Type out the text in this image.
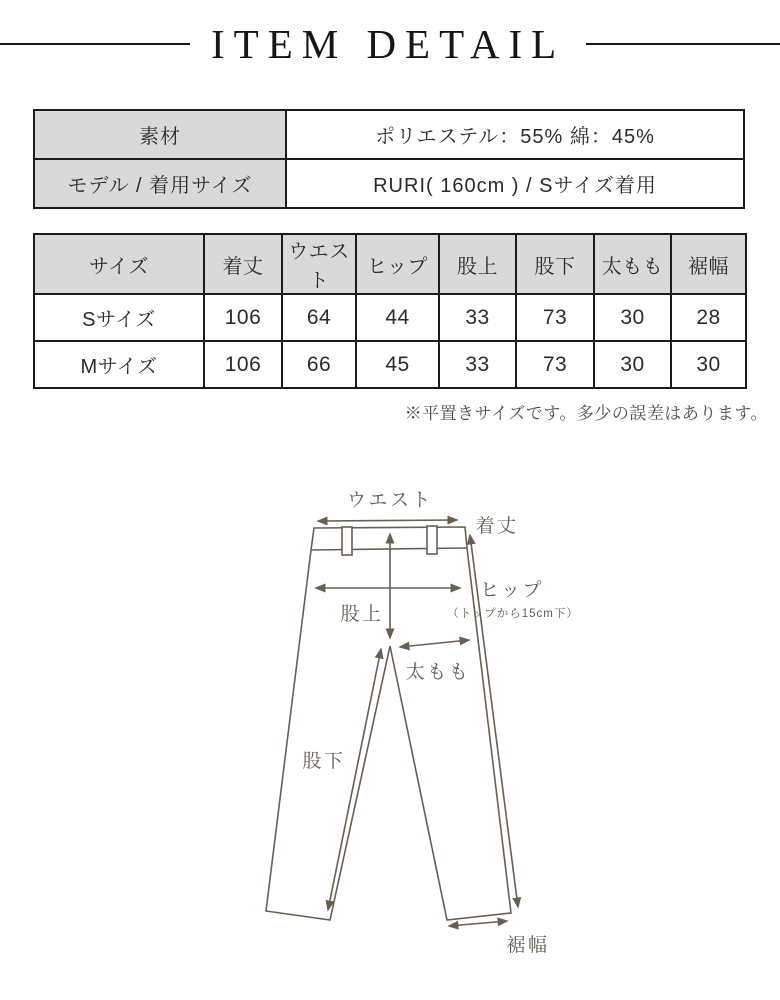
ITEM DETAIL
素材	ポリエステル：55% 綿：45%
モデル / 着用サイズ	RURI( 160cm ) / Sサイズ着用
サイズ	着丈	ウエスト	ヒップ	股上	股下	太もも	裾幅
Sサイズ	106	64	44	33	73	30	28
Mサイズ	106	66	45	33	73	30	30
※平置きサイズです。多少の誤差はあります。
ウエスト
着丈
ヒップ
（トップから15cm下）
股上
太もも
股下
裾幅
